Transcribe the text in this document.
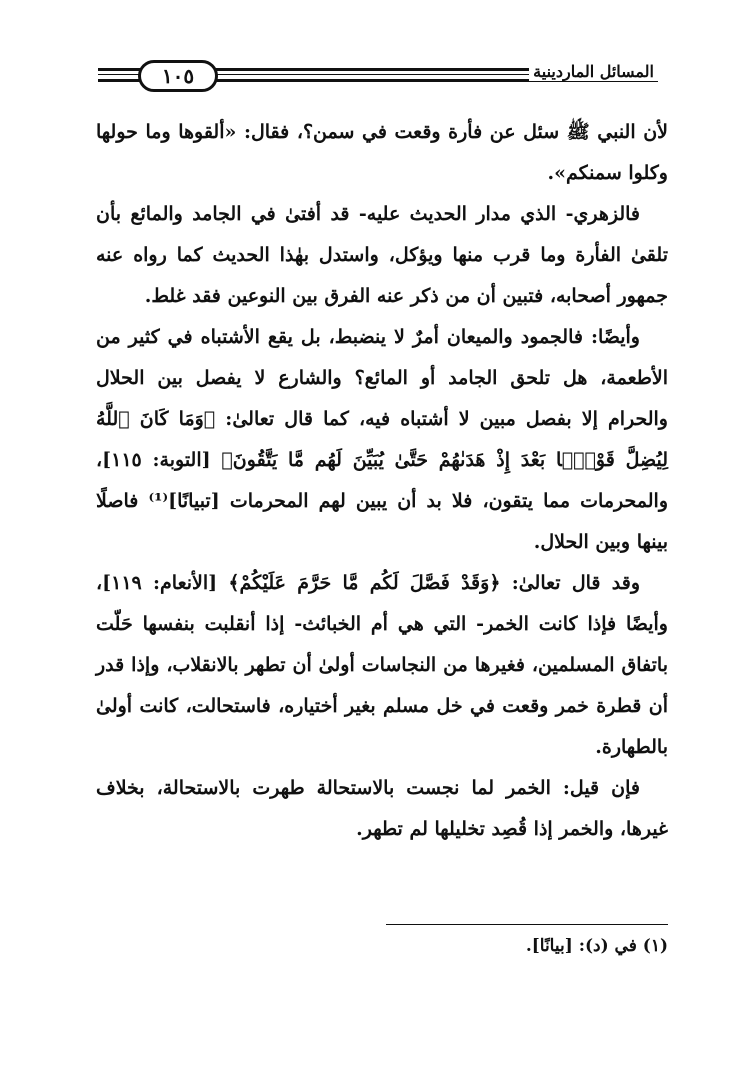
١٠٥	المسائل الماردينية

لأن النبي ﷺ سئل عن فأرة وقعت في سمن؟، فقال: «ألقوها وما حولها وكلوا سمنكم».

فالزهري- الذي مدار الحديث عليه- قد أفتىٰ في الجامد والمائع بأن تلقىٰ الفأرة وما قرب منها ويؤكل، واستدل بهٰذا الحديث كما رواه عنه جمهور أصحابه، فتبين أن من ذكر عنه الفرق بين النوعين فقد غلط.

وأيضًا: فالجمود والميعان أمرٌ لا ينضبط، بل يقع الأشتباه في كثير من الأطعمة، هل تلحق الجامد أو المائع؟ والشارع لا يفصل بين الحلال والحرام إلا بفصل مبين لا أشتباه فيه، كما قال تعالىٰ: ﴿وَمَا كَانَ ٱللَّهُ لِيُضِلَّ قَوْمًۢا بَعْدَ إِذْ هَدَىٰهُمْ حَتَّىٰ يُبَيِّنَ لَهُم مَّا يَتَّقُونَ﴾ [التوبة: ١١٥]، والمحرمات مما يتقون، فلا بد أن يبين لهم المحرمات [تبيانًا]⁽¹⁾ فاصلًا بينها وبين الحلال.

وقد قال تعالىٰ: ﴿وَقَدْ فَصَّلَ لَكُم مَّا حَرَّمَ عَلَيْكُمْ﴾ [الأنعام: ١١٩]، وأيضًا فإذا كانت الخمر- التي هي أم الخبائث- إذا أنقلبت بنفسها حَلّت باتفاق المسلمين، فغيرها من النجاسات أولىٰ أن تطهر بالانقلاب، وإذا قدر أن قطرة خمر وقعت في خل مسلم بغير أختياره، فاستحالت، كانت أولىٰ بالطهارة.

فإن قيل: الخمر لما نجست بالاستحالة طهرت بالاستحالة، بخلاف غيرها، والخمر إذا قُصِد تخليلها لم تطهر.

(١) في (د): [بيانًا].
